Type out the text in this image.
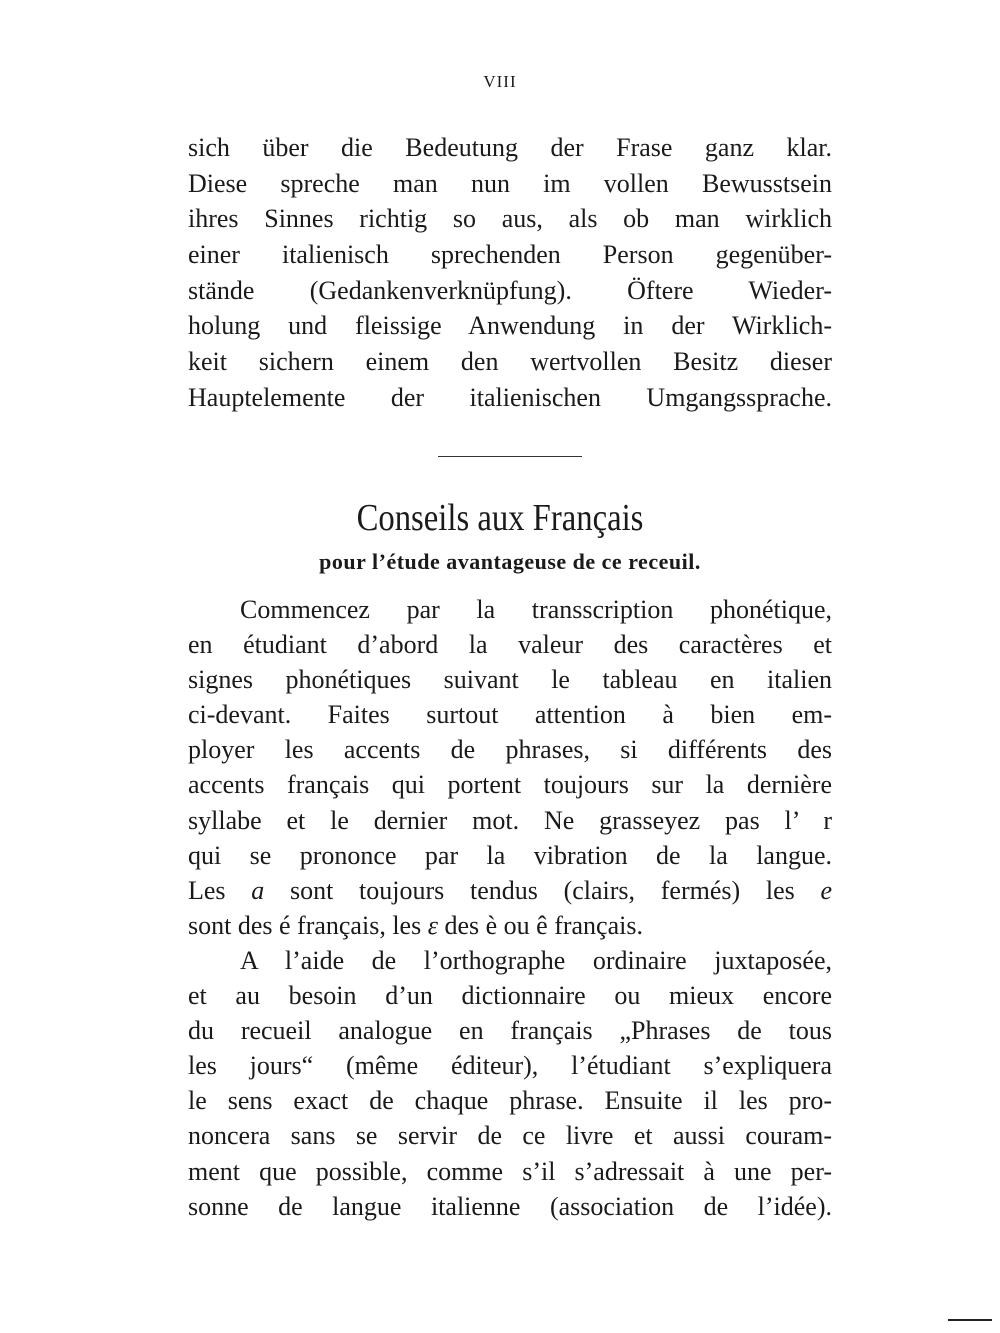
VIII
sich über die Bedeutung der Frase ganz klar.
Diese spreche man nun im vollen Bewusstsein
ihres Sinnes richtig so aus, als ob man wirklich
einer italienisch sprechenden Person gegenüber-
stände (Gedankenverknüpfung). Öftere Wieder-
holung und fleissige Anwendung in der Wirklich-
keit sichern einem den wertvollen Besitz dieser
Hauptelemente der italienischen Umgangssprache.
Conseils aux Français
pour l’étude avantageuse de ce receuil.
Commencez par la transscription phonétique,
en étudiant d’abord la valeur des caractères et
signes phonétiques suivant le tableau en italien
ci-devant. Faites surtout attention à bien em-
ployer les accents de phrases, si différents des
accents français qui portent toujours sur la dernière
syllabe et le dernier mot. Ne grasseyez pas l’ r
qui se prononce par la vibration de la langue.
Les a sont toujours tendus (clairs, fermés) les e
sont des é français, les ε des è ou ê français.
A l’aide de l’orthographe ordinaire juxtaposée,
et au besoin d’un dictionnaire ou mieux encore
du recueil analogue en français „Phrases de tous
les jours“ (même éditeur), l’étudiant s’expliquera
le sens exact de chaque phrase. Ensuite il les pro-
noncera sans se servir de ce livre et aussi couram-
ment que possible, comme s’il s’adressait à une per-
sonne de langue italienne (association de l’idée).
